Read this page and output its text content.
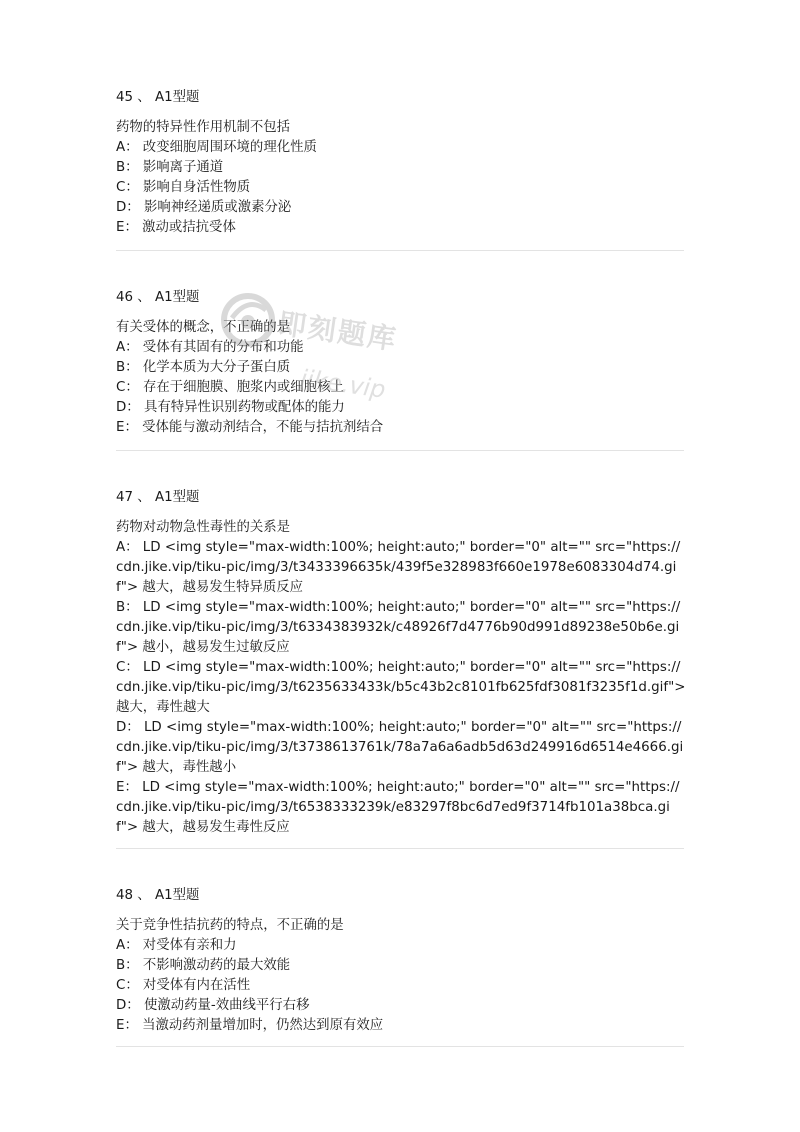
45 、 A1型题
药物的特异性作用机制不包括
A： 改变细胞周围环境的理化性质
B： 影响离子通道
C： 影响自身活性物质
D： 影响神经递质或激素分泌
E： 激动或拮抗受体
46 、 A1型题
有关受体的概念，不正确的是
A： 受体有其固有的分布和功能
B： 化学本质为大分子蛋白质
C： 存在于细胞膜、胞浆内或细胞核上
D： 具有特异性识别药物或配体的能力
E： 受体能与激动剂结合，不能与拮抗剂结合
47 、 A1型题
药物对动物急性毒性的关系是
A： LD <img style="max-width:100%; height:auto;" border="0" alt="" src="https://cdn.jike.vip/tiku-pic/img/3/t3433396635k/439f5e328983f660e1978e6083304d74.gif"> 越大，越易发生特异质反应
B： LD <img style="max-width:100%; height:auto;" border="0" alt="" src="https://cdn.jike.vip/tiku-pic/img/3/t6334383932k/c48926f7d4776b90d991d89238e50b6e.gif"> 越小，越易发生过敏反应
C： LD <img style="max-width:100%; height:auto;" border="0" alt="" src="https://cdn.jike.vip/tiku-pic/img/3/t6235633433k/b5c43b2c8101fb625fdf3081f3235f1d.gif"> 越大，毒性越大
D： LD <img style="max-width:100%; height:auto;" border="0" alt="" src="https://cdn.jike.vip/tiku-pic/img/3/t3738613761k/78a7a6a6adb5d63d249916d6514e4666.gif"> 越大，毒性越小
E： LD <img style="max-width:100%; height:auto;" border="0" alt="" src="https://cdn.jike.vip/tiku-pic/img/3/t6538333239k/e83297f8bc6d7ed9f3714fb101a38bca.gif"> 越大，越易发生毒性反应
48 、 A1型题
关于竞争性拮抗药的特点，不正确的是
A： 对受体有亲和力
B： 不影响激动药的最大效能
C： 对受体有内在活性
D： 使激动药量-效曲线平行右移
E： 当激动药剂量增加时，仍然达到原有效应
即刻题库
jike.vip
